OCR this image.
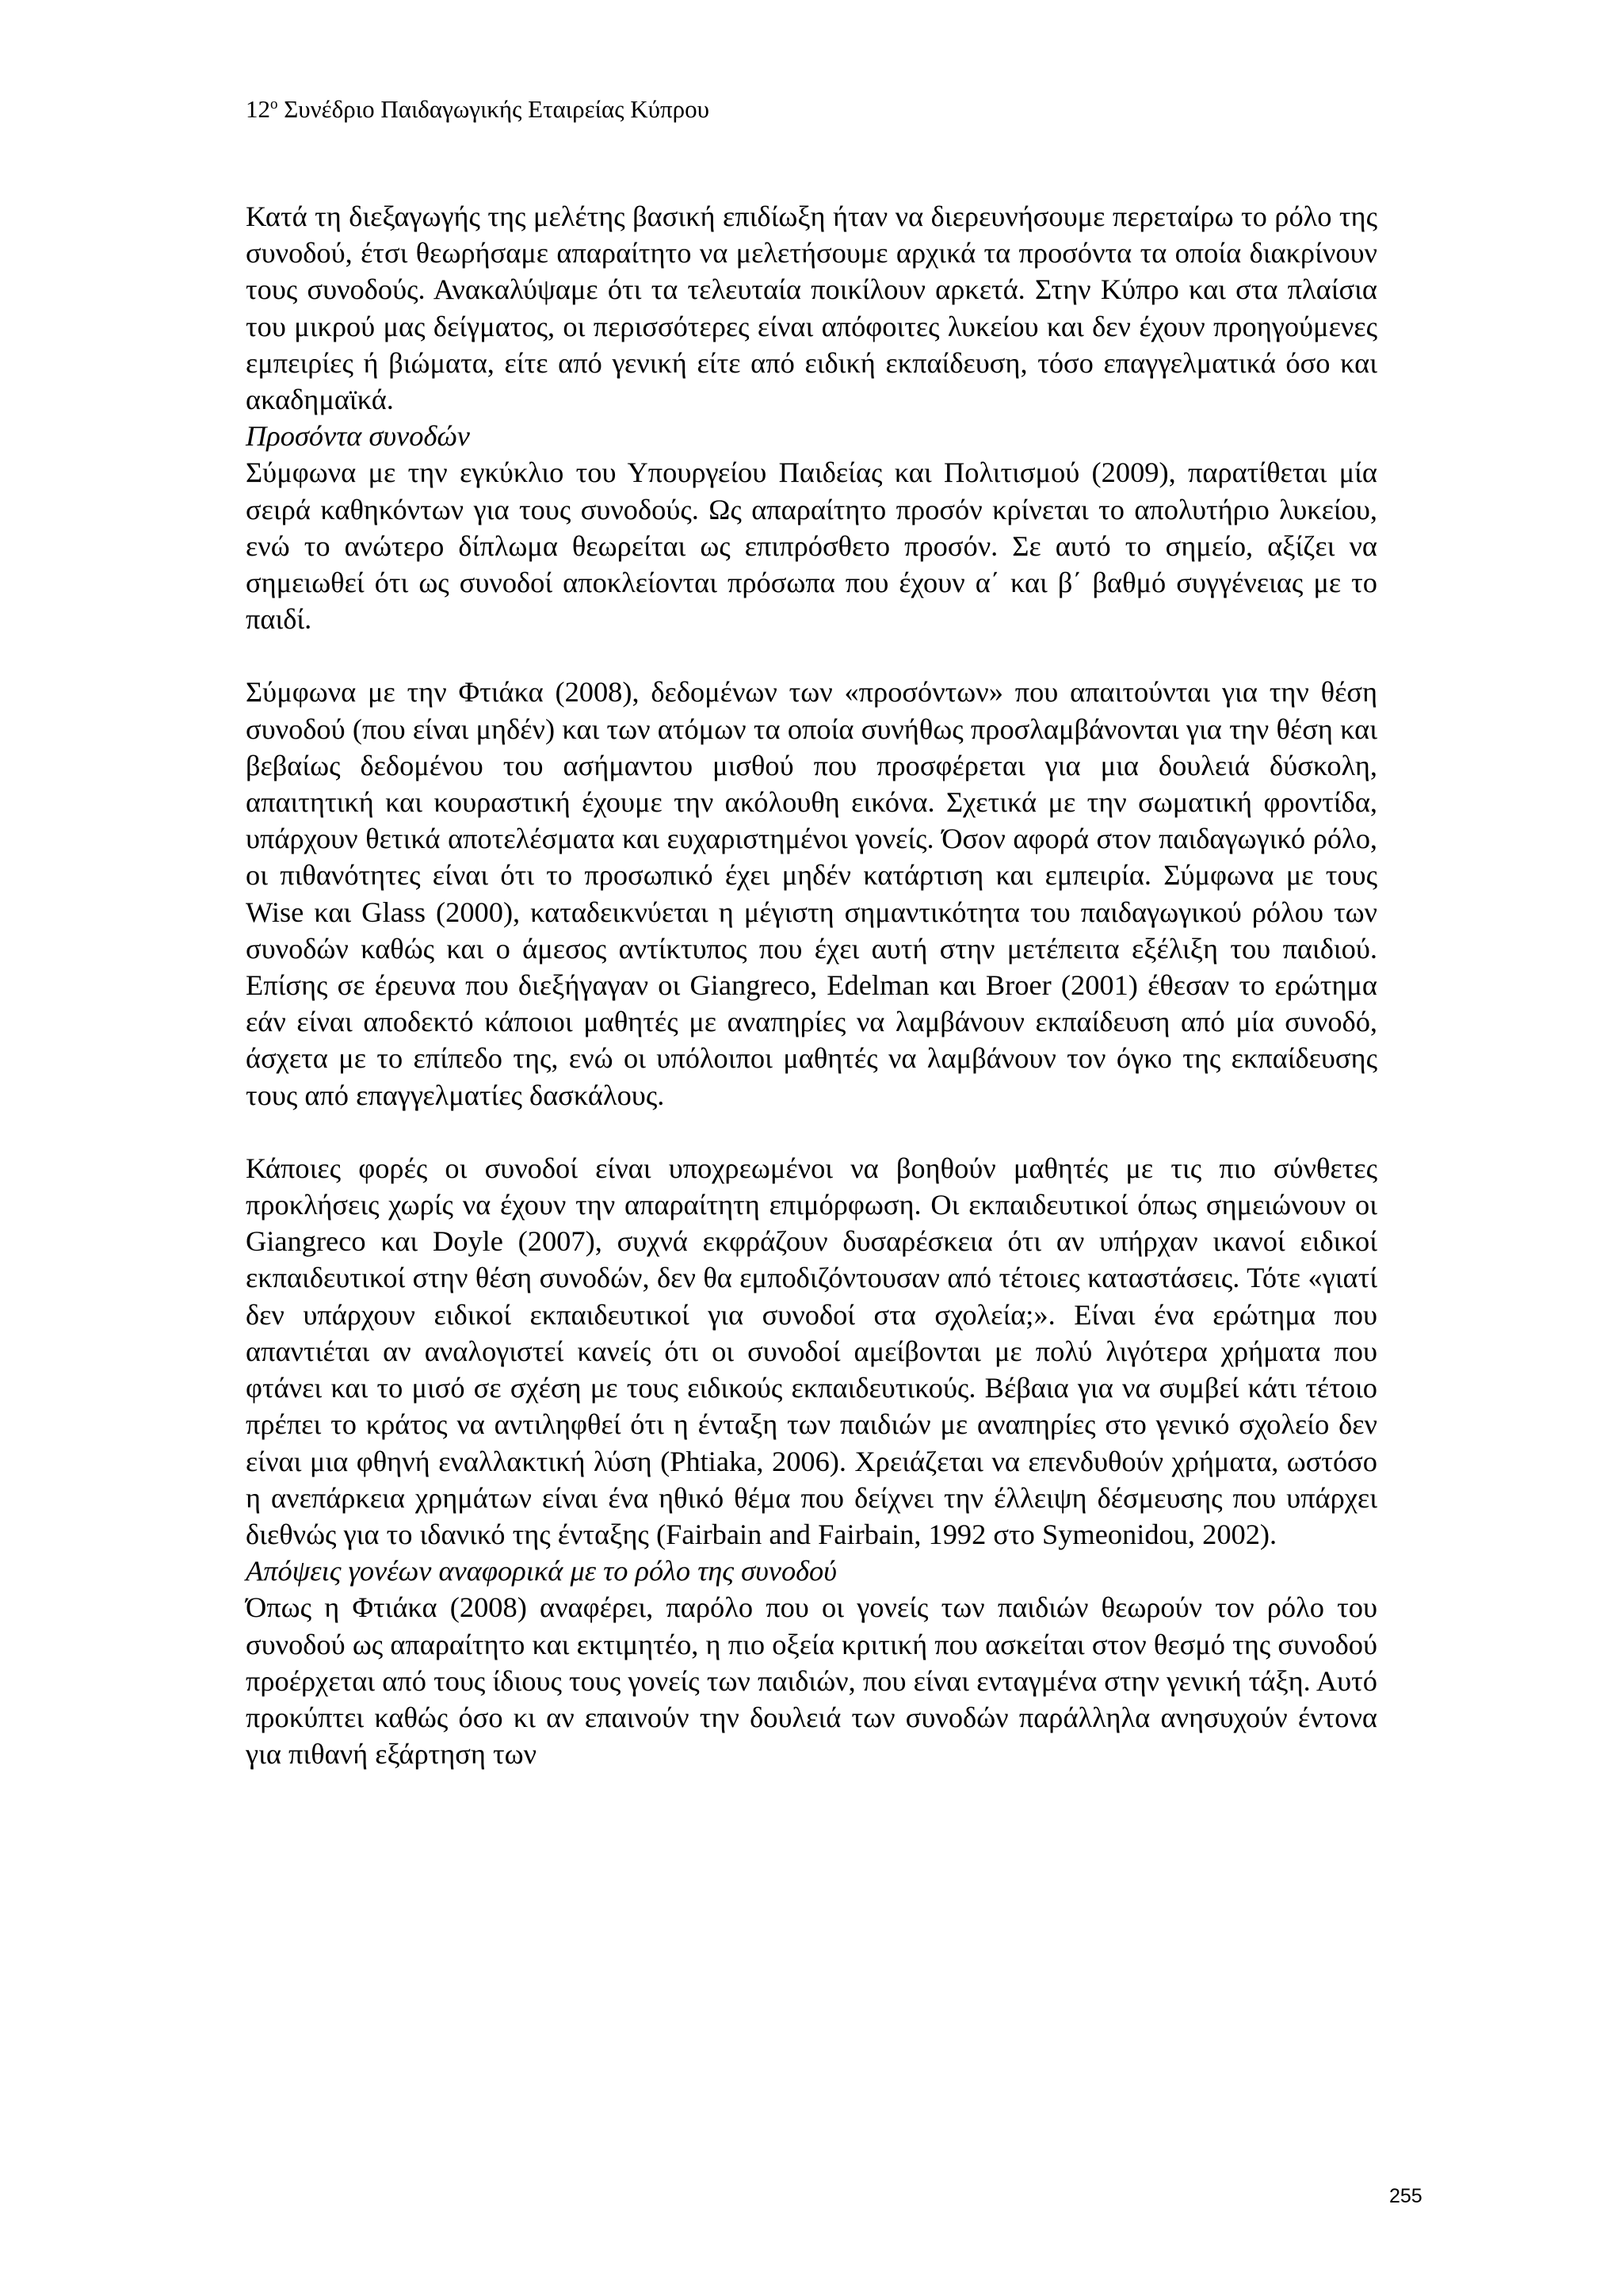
$12^o$ Συνέδριο Παιδαγωγικής Εταιρείας Κύπρου

Κατά τη διεξαγωγής της μελέτης βασική επιδίωξη ήταν να διερευνήσουμε περεταίρω το ρόλο της συνοδού, έτσι θεωρήσαμε απαραίτητο να μελετήσουμε αρχικά τα προσόντα τα οποία διακρίνουν τους συνοδούς. Ανακαλύψαμε ότι τα τελευταία ποικίλουν αρκετά. Στην Κύπρο και στα πλαίσια του μικρού μας δείγματος, οι περισσότερες είναι απόφοιτες λυκείου και δεν έχουν προηγούμενες εμπειρίες ή βιώματα, είτε από γενική είτε από ειδική εκπαίδευση, τόσο επαγγελματικά όσο και ακαδημαϊκά.

Προσόντα συνοδών

Σύμφωνα με την εγκύκλιο του Υπουργείου Παιδείας και Πολιτισμού (2009), παρατίθεται μία σειρά καθηκόντων για τους συνοδούς. Ως απαραίτητο προσόν κρίνεται το απολυτήριο λυκείου, ενώ το ανώτερο δίπλωμα θεωρείται ως επιπρόσθετο προσόν. Σε αυτό το σημείο, αξίζει να σημειωθεί ότι ως συνοδοί αποκλείονται πρόσωπα που έχουν α΄ και β΄ βαθμό συγγένειας με το παιδί.

Σύμφωνα με την Φτιάκα (2008), δεδομένων των «προσόντων» που απαιτούνται για την θέση συνοδού (που είναι μηδέν) και των ατόμων τα οποία συνήθως προσλαμβάνονται για την θέση και βεβαίως δεδομένου του ασήμαντου μισθού που προσφέρεται για μια δουλειά δύσκολη, απαιτητική και κουραστική έχουμε την ακόλουθη εικόνα. Σχετικά με την σωματική φροντίδα, υπάρχουν θετικά αποτελέσματα και ευχαριστημένοι γονείς. Όσον αφορά στον παιδαγωγικό ρόλο, οι πιθανότητες είναι ότι το προσωπικό έχει μηδέν κατάρτιση και εμπειρία. Σύμφωνα με τους Wise και Glass (2000), καταδεικνύεται η μέγιστη σημαντικότητα του παιδαγωγικού ρόλου των συνοδών καθώς και ο άμεσος αντίκτυπος που έχει αυτή στην μετέπειτα εξέλιξη του παιδιού. Επίσης σε έρευνα που διεξήγαγαν οι Giangreco, Edelman και Broer (2001) έθεσαν το ερώτημα εάν είναι αποδεκτό κάποιοι μαθητές με αναπηρίες να λαμβάνουν εκπαίδευση από μία συνοδό, άσχετα με το επίπεδο της, ενώ οι υπόλοιποι μαθητές να λαμβάνουν τον όγκο της εκπαίδευσης τους από επαγγελματίες δασκάλους.

Κάποιες φορές οι συνοδοί είναι υποχρεωμένοι να βοηθούν μαθητές με τις πιο σύνθετες προκλήσεις χωρίς να έχουν την απαραίτητη επιμόρφωση. Οι εκπαιδευτικοί όπως σημειώνουν οι Giangreco και Doyle (2007), συχνά εκφράζουν δυσαρέσκεια ότι αν υπήρχαν ικανοί ειδικοί εκπαιδευτικοί στην θέση συνοδών, δεν θα εμποδιζόντουσαν από τέτοιες καταστάσεις. Τότε «γιατί δεν υπάρχουν ειδικοί εκπαιδευτικοί για συνοδοί στα σχολεία;». Είναι ένα ερώτημα που απαντιέται αν αναλογιστεί κανείς ότι οι συνοδοί αμείβονται με πολύ λιγότερα χρήματα που φτάνει και το μισό σε σχέση με τους ειδικούς εκπαιδευτικούς. Βέβαια για να συμβεί κάτι τέτοιο πρέπει το κράτος να αντιληφθεί ότι η ένταξη των παιδιών με αναπηρίες στο γενικό σχολείο δεν είναι μια φθηνή εναλλακτική λύση (Phtiaka, 2006). Χρειάζεται να επενδυθούν χρήματα, ωστόσο η ανεπάρκεια χρημάτων είναι ένα ηθικό θέμα που δείχνει την έλλειψη δέσμευσης που υπάρχει διεθνώς για το ιδανικό της ένταξης (Fairbain and Fairbain, 1992 στο Symeonidou, 2002).

Απόψεις γονέων αναφορικά με το ρόλο της συνοδού

Όπως η Φτιάκα (2008) αναφέρει, παρόλο που οι γονείς των παιδιών θεωρούν τον ρόλο του συνοδού ως απαραίτητο και εκτιμητέο, η πιο οξεία κριτική που ασκείται στον θεσμό της συνοδού προέρχεται από τους ίδιους τους γονείς των παιδιών, που είναι ενταγμένα στην γενική τάξη. Αυτό προκύπτει καθώς όσο κι αν επαινούν την δουλειά των συνοδών παράλληλα ανησυχούν έντονα για πιθανή εξάρτηση των

255
